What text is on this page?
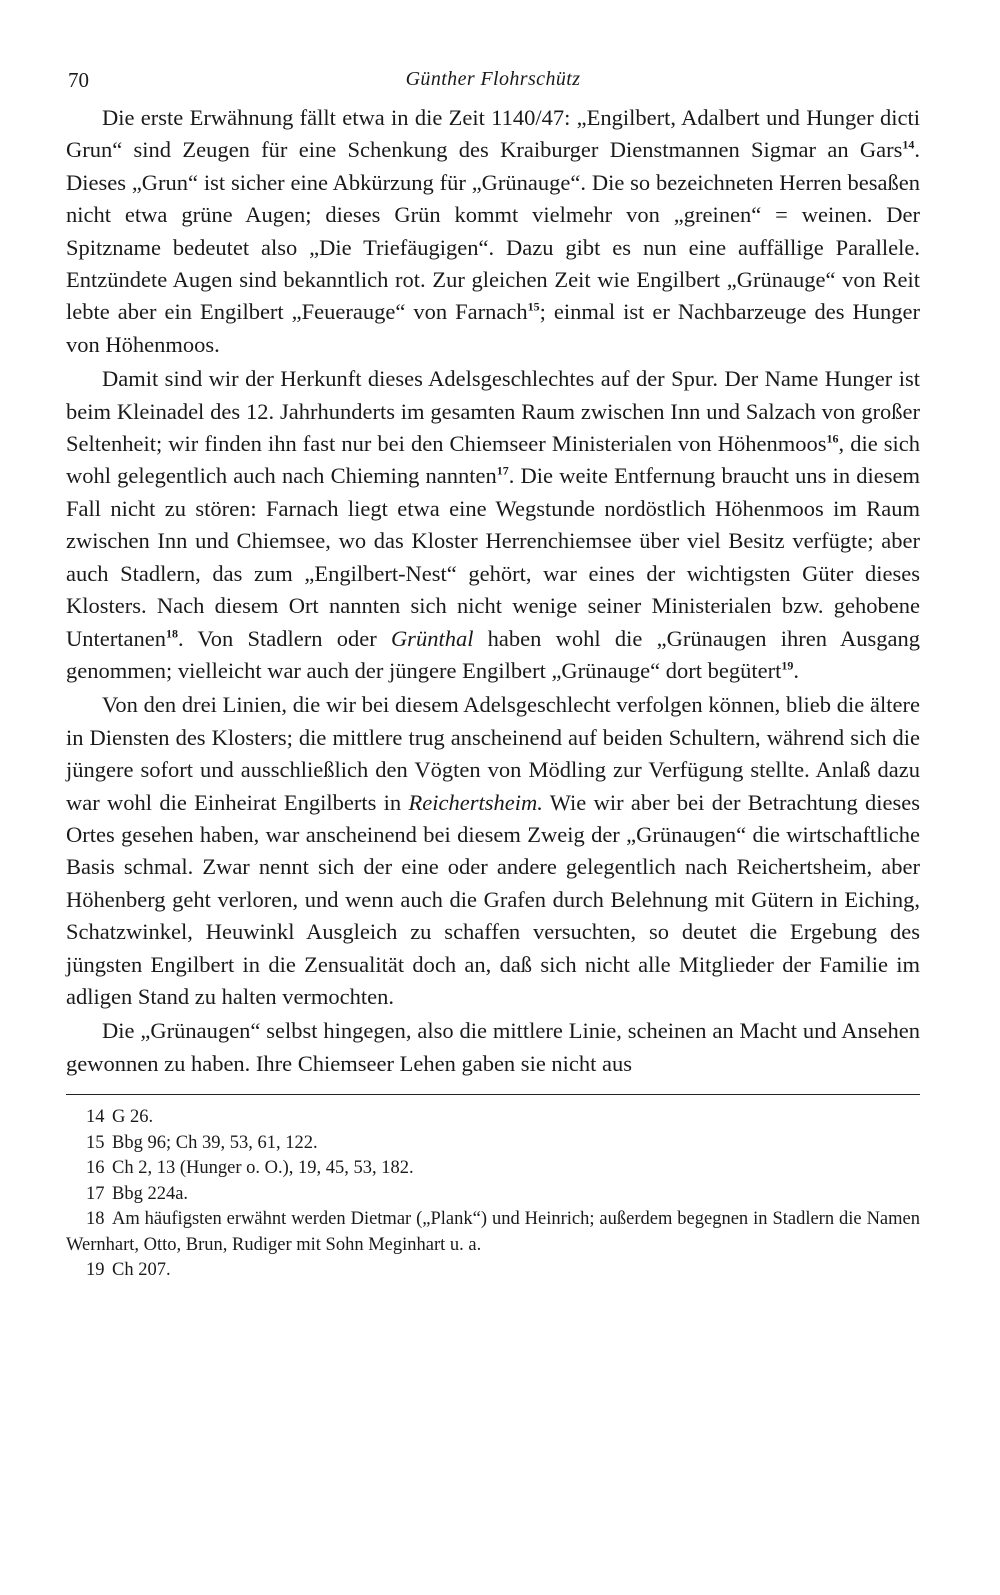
70	Günther Flohrschütz

Die erste Erwähnung fällt etwa in die Zeit 1140/47: „Engilbert, Adalbert und Hunger dicti Grun“ sind Zeugen für eine Schenkung des Kraiburger Dienstmannen Sigmar an Gars$^{14}$. Dieses „Grun“ ist sicher eine Abkürzung für „Grünauge“. Die so bezeichneten Herren besaßen nicht etwa grüne Augen; dieses Grün kommt vielmehr von „greinen“ = weinen. Der Spitzname bedeutet also „Die Triefäugigen“. Dazu gibt es nun eine auffällige Parallele. Entzündete Augen sind bekanntlich rot. Zur gleichen Zeit wie Engilbert „Grünauge“ von Reit lebte aber ein Engilbert „Feuerauge“ von Farnach$^{15}$; einmal ist er Nachbarzeuge des Hunger von Höhenmoos.

Damit sind wir der Herkunft dieses Adelsgeschlechtes auf der Spur. Der Name Hunger ist beim Kleinadel des 12. Jahrhunderts im gesamten Raum zwischen Inn und Salzach von großer Seltenheit; wir finden ihn fast nur bei den Chiemseer Ministerialen von Höhenmoos$^{16}$, die sich wohl gelegentlich auch nach Chieming nannten$^{17}$. Die weite Entfernung braucht uns in diesem Fall nicht zu stören: Farnach liegt etwa eine Wegstunde nordöstlich Höhenmoos im Raum zwischen Inn und Chiemsee, wo das Kloster Herrenchiemsee über viel Besitz verfügte; aber auch Stadlern, das zum „Engilbert-Nest“ gehört, war eines der wichtigsten Güter dieses Klosters. Nach diesem Ort nannten sich nicht wenige seiner Ministerialen bzw. gehobene Untertanen$^{18}$. Von Stadlern oder Grünthal haben wohl die „Grünaugen ihren Ausgang genommen; vielleicht war auch der jüngere Engilbert „Grünauge“ dort begütert$^{19}$.

Von den drei Linien, die wir bei diesem Adelsgeschlecht verfolgen können, blieb die ältere in Diensten des Klosters; die mittlere trug anscheinend auf beiden Schultern, während sich die jüngere sofort und ausschließlich den Vögten von Mödling zur Verfügung stellte. Anlaß dazu war wohl die Einheirat Engilberts in Reichertsheim. Wie wir aber bei der Betrachtung dieses Ortes gesehen haben, war anscheinend bei diesem Zweig der „Grünaugen“ die wirtschaftliche Basis schmal. Zwar nennt sich der eine oder andere gelegentlich nach Reichertsheim, aber Höhenberg geht verloren, und wenn auch die Grafen durch Belehnung mit Gütern in Eiching, Schatzwinkel, Heuwinkl Ausgleich zu schaffen versuchten, so deutet die Ergebung des jüngsten Engilbert in die Zensualität doch an, daß sich nicht alle Mitglieder der Familie im adligen Stand zu halten vermochten.

Die „Grünaugen“ selbst hingegen, also die mittlere Linie, scheinen an Macht und Ansehen gewonnen zu haben. Ihre Chiemseer Lehen gaben sie nicht aus

14 G 26.

15 Bbg 96; Ch 39, 53, 61, 122.

16 Ch 2, 13 (Hunger o. O.), 19, 45, 53, 182.

17 Bbg 224a.

18 Am häufigsten erwähnt werden Dietmar („Plank“) und Heinrich; außerdem begegnen in Stadlern die Namen Wernhart, Otto, Brun, Rudiger mit Sohn Meginhart u. a.

19 Ch 207.
